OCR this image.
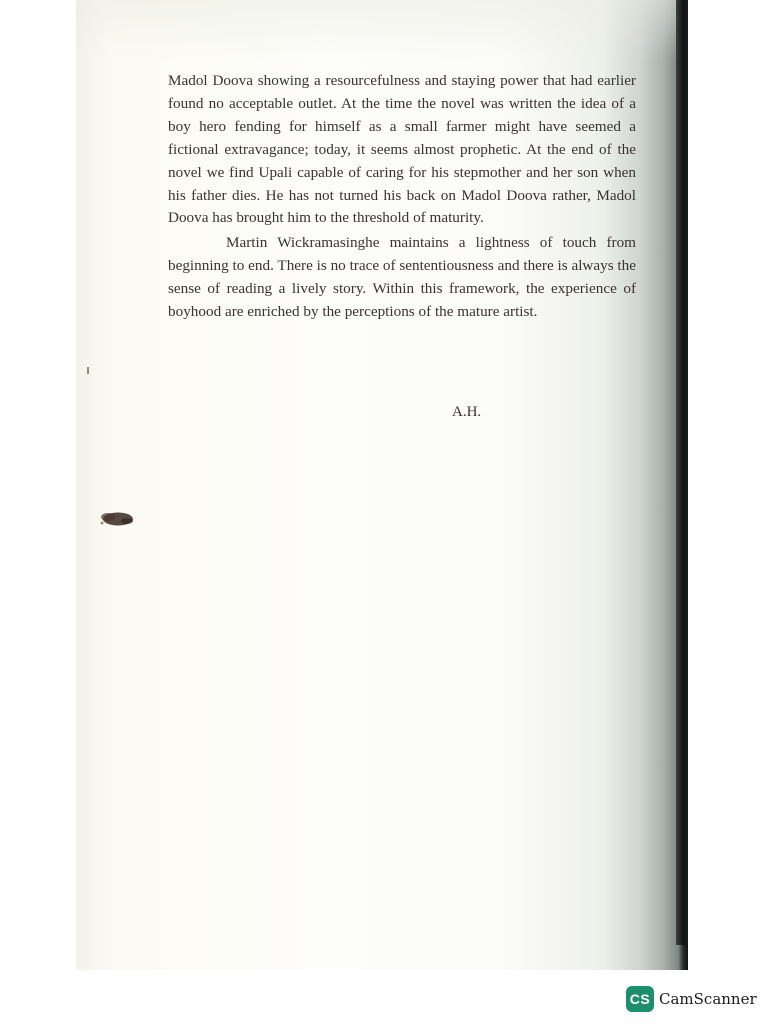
Madol Doova showing a resourcefulness and staying power that had earlier found no acceptable outlet. At the time the novel was written the idea of a boy hero fending for himself as a small farmer might have seemed a fictional extravagance; today, it seems almost prophetic. At the end of the novel we find Upali capable of caring for his stepmother and her son when his father dies. He has not turned his back on Madol Doova rather, Madol Doova has brought him to the threshold of maturity.

Martin Wickramasinghe maintains a lightness of touch from beginning to end. There is no trace of sententiousness and there is always the sense of reading a lively story. Within this framework, the experience of boyhood are enriched by the perceptions of the mature artist.

A.H.
CS CamScanner
